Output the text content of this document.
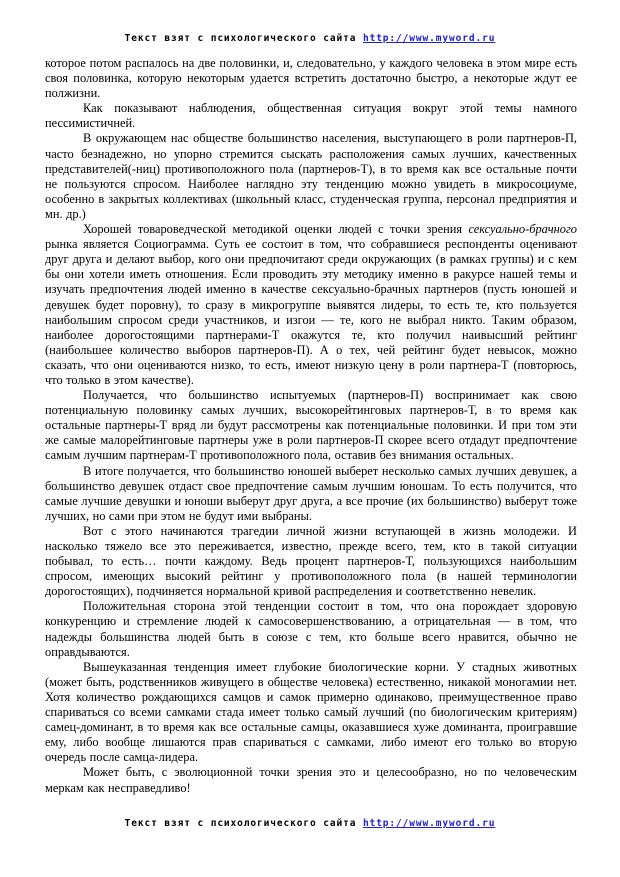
Текст взят с психологического сайта http://www.myword.ru

которое потом распалось на две половинки, и, следовательно, у каждого человека в этом мире есть своя половинка, которую некоторым удается встретить достаточно быстро, а некоторые ждут ее полжизни.

Как показывают наблюдения, общественная ситуация вокруг этой темы намного пессимистичней.

В окружающем нас обществе большинство населения, выступающего в роли партнеров-П, часто безнадежно, но упорно стремится сыскать расположения самых лучших, качественных представителей(-ниц) противоположного пола (партнеров-Т), в то время как все остальные почти не пользуются спросом. Наиболее наглядно эту тенденцию можно увидеть в микросоциуме, особенно в закрытых коллективах (школьный класс, студенческая группа, персонал предприятия и мн. др.)

Хорошей товароведческой методикой оценки людей с точки зрения сексуально-брачного рынка является Социограмма. Суть ее состоит в том, что собравшиеся респонденты оценивают друг друга и делают выбор, кого они предпочитают среди окружающих (в рамках группы) и с кем бы они хотели иметь отношения. Если проводить эту методику именно в ракурсе нашей темы и изучать предпочтения людей именно в качестве сексуально-брачных партнеров (пусть юношей и девушек будет поровну), то сразу в микрогруппе выявятся лидеры, то есть те, кто пользуется наибольшим спросом среди участников, и изгои — те, кого не выбрал никто. Таким образом, наиболее дорогостоящими партнерами-Т окажутся те, кто получил наивысший рейтинг (наибольшее количество выборов партнеров-П). А о тех, чей рейтинг будет невысок, можно сказать, что они оцениваются низко, то есть, имеют низкую цену в роли партнера-Т (повторюсь, что только в этом качестве).

Получается, что большинство испытуемых (партнеров-П) воспринимает как свою потенциальную половинку самых лучших, высокорейтинговых партнеров-Т, в то время как остальные партнеры-Т вряд ли будут рассмотрены как потенциальные половинки. И при том эти же самые малорейтинговые партнеры уже в роли партнеров-П скорее всего отдадут предпочтение самым лучшим партнерам-Т противоположного пола, оставив без внимания остальных.

В итоге получается, что большинство юношей выберет несколько самых лучших девушек, а большинство девушек отдаст свое предпочтение самым лучшим юношам. То есть получится, что самые лучшие девушки и юноши выберут друг друга, а все прочие (их большинство) выберут тоже лучших, но сами при этом не будут ими выбраны.

Вот с этого начинаются трагедии личной жизни вступающей в жизнь молодежи. И насколько тяжело все это переживается, известно, прежде всего, тем, кто в такой ситуации побывал, то есть… почти каждому. Ведь процент партнеров-Т, пользующихся наибольшим спросом, имеющих высокий рейтинг у противоположного пола (в нашей терминологии дорогостоящих), подчиняется нормальной кривой распределения и соответственно невелик.

Положительная сторона этой тенденции состоит в том, что она порождает здоровую конкуренцию и стремление людей к самосовершенствованию, а отрицательная — в том, что надежды большинства людей быть в союзе с тем, кто больше всего нравится, обычно не оправдываются.

Вышеуказанная тенденция имеет глубокие биологические корни. У стадных животных (может быть, родственников живущего в обществе человека) естественно, никакой моногамии нет. Хотя количество рождающихся самцов и самок примерно одинаково, преимущественное право спариваться со всеми самками стада имеет только самый лучший (по биологическим критериям) самец-доминант, в то время как все остальные самцы, оказавшиеся хуже доминанта, проигравшие ему, либо вообще лишаются прав спариваться с самками, либо имеют его только во вторую очередь после самца-лидера.

Может быть, с эволюционной точки зрения это и целесообразно, но по человеческим меркам как несправедливо!

Текст взят с психологического сайта http://www.myword.ru
